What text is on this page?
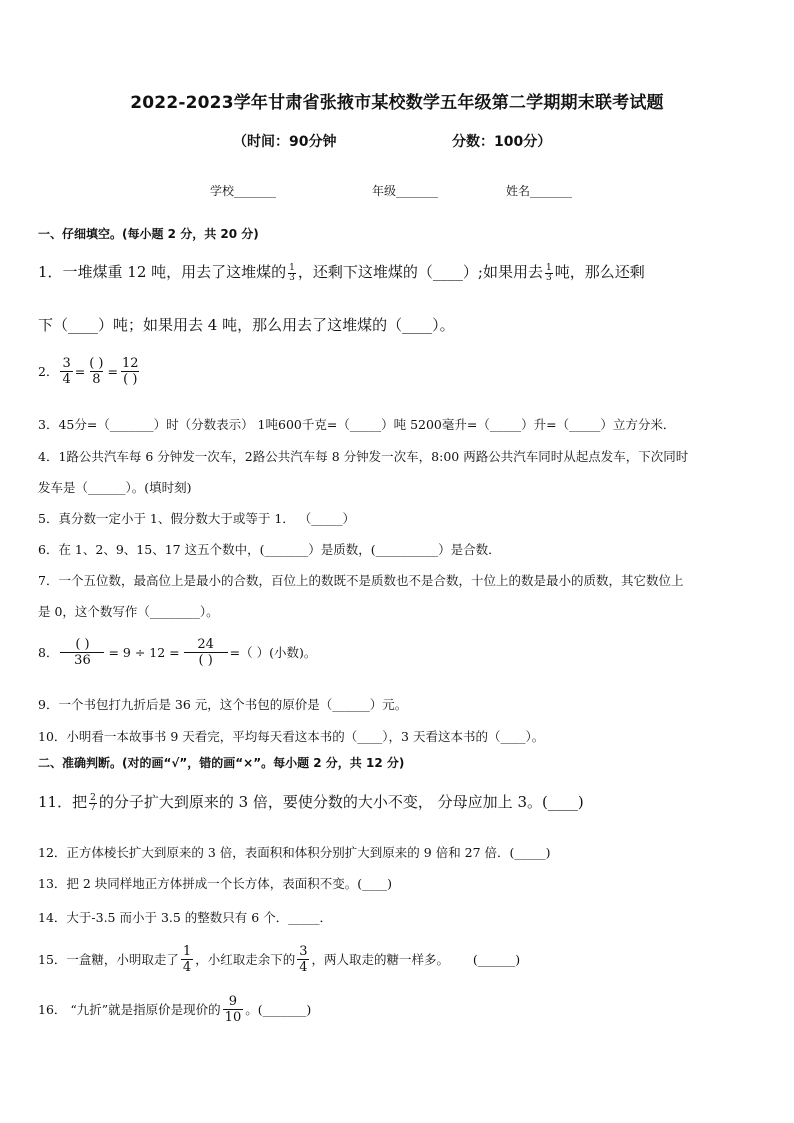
2022-2023学年甘肃省张掖市某校数学五年级第二学期期末联考试题
（时间：90分钟	分数：100分）
学校_______	年级_______	姓名_______
一、仔细填空。(每小题 2 分，共 20 分)
1．一堆煤重 12 吨，用去了这堆煤的 $\frac{1}{3}$ ，还剩下这堆煤的（____）;如果用去 $\frac{1}{3}$ 吨，那么还剩
下（____）吨；如果用去 4 吨，那么用去了这堆煤的（____）。
2． $\frac{3}{4} = \frac{( )}{8} = \frac{12}{( )}$
3．45分=（_______）时（分数表示） 1吨600千克=（_____）吨 5200毫升=（_____）升=（_____）立方分米．
4．1路公共汽车每 6 分钟发一次车，2路公共汽车每 8 分钟发一次车，8:00 两路公共汽车同时从起点发车，下次同时
发车是（______）。(填时刻)
5．真分数一定小于 1、假分数大于或等于 1． （_____）
6．在 1、2、9、15、17 这五个数中，(_______）是质数，(__________）是合数．
7．一个五位数，最高位上是最小的合数，百位上的数既不是质数也不是合数，十位上的数是最小的质数，其它数位上
是 0，这个数写作（________）。
8． $\frac{( )}{36} = 9 \div 12 = \frac{24}{( )}$ =（ ）(小数)。
9．一个书包打九折后是 36 元，这个书包的原价是（______）元。
10．小明看一本故事书 9 天看完，平均每天看这本书的（____），3 天看这本书的（____）。
二、准确判断。(对的画“√”，错的画“×”。每小题 2 分，共 12 分)
11．把 $\frac{2}{7}$ 的分子扩大到原来的 3 倍，要使分数的大小不变， 分母应加上 3。(____)
12．正方体棱长扩大到原来的 3 倍，表面积和体积分别扩大到原来的 9 倍和 27 倍．(_____)
13．把 2 块同样地正方体拼成一个长方体，表面积不变。(____)
14．大于-3.5 而小于 3.5 的整数只有 6 个．_____．
15．一盒糖，小明取走了 $\frac{1}{4}$ ，小红取走余下的 $\frac{3}{4}$ ，两人取走的糖一样多。      (______)
16． “九折”就是指原价是现价的 $\frac{9}{10}$ 。(_______)
